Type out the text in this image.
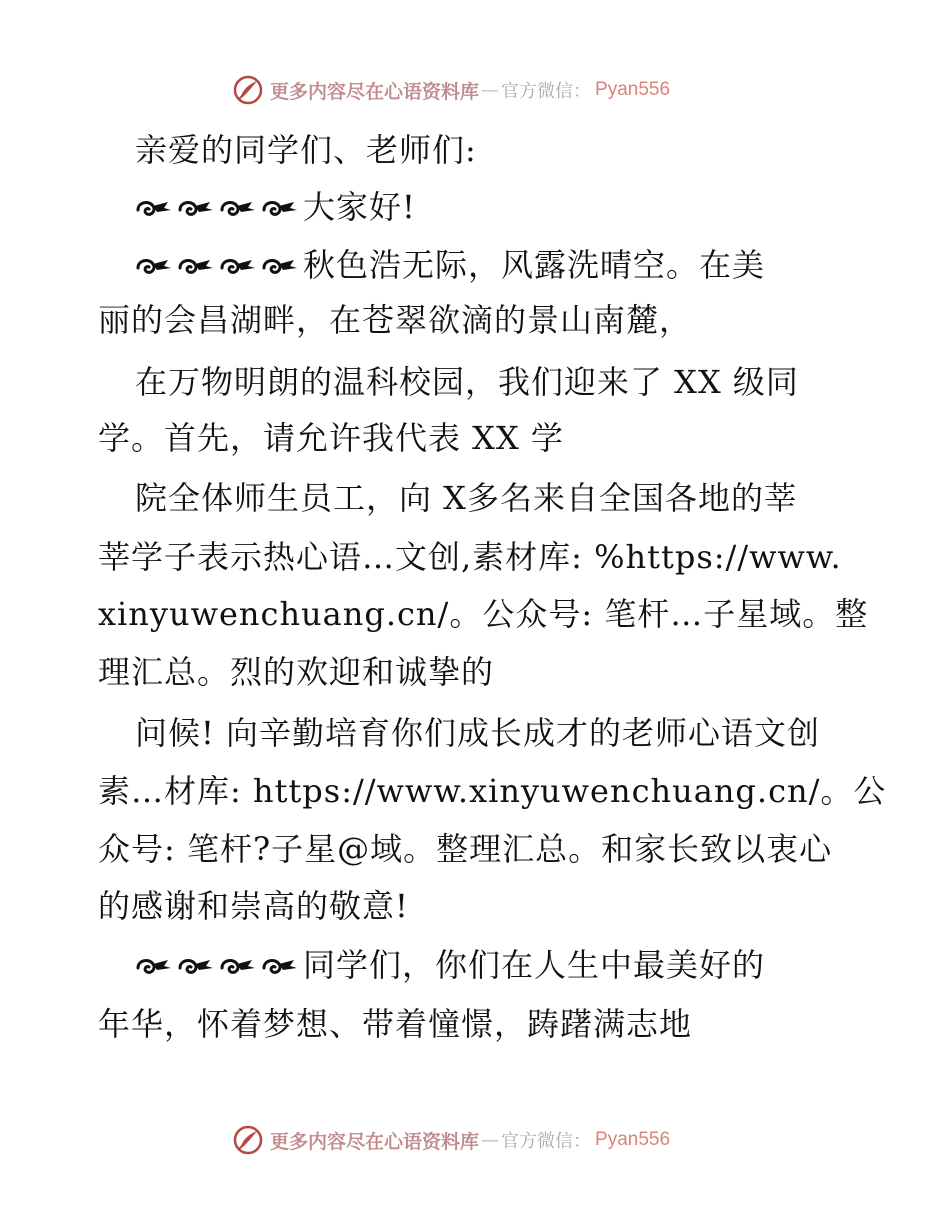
更多内容尽在心语资料库 — 官方微信： Pyan556
亲爱的同学们、老师们:
大家好!
秋色浩无际，风露洗晴空。在美
丽的会昌湖畔，在苍翠欲滴的景山南麓，
在万物明朗的温科校园，我们迎来了 XX 级同
学。首先，请允许我代表 XX 学
院全体师生员工，向 X多名来自全国各地的莘
莘学子表示热心语…文创,素材库: %https://www.
xinyuwenchuang.cn/。公众号: 笔杆…子星域。整
理汇总。烈的欢迎和诚挚的
问候! 向辛勤培育你们成长成才的老师心语文创
素…材库: https://www.xinyuwenchuang.cn/。公
众号: 笔杆?子星@域。整理汇总。和家长致以衷心
的感谢和崇高的敬意!
同学们，你们在人生中最美好的
年华，怀着梦想、带着憧憬，踌躇满志地
更多内容尽在心语资料库 — 官方微信： Pyan556
